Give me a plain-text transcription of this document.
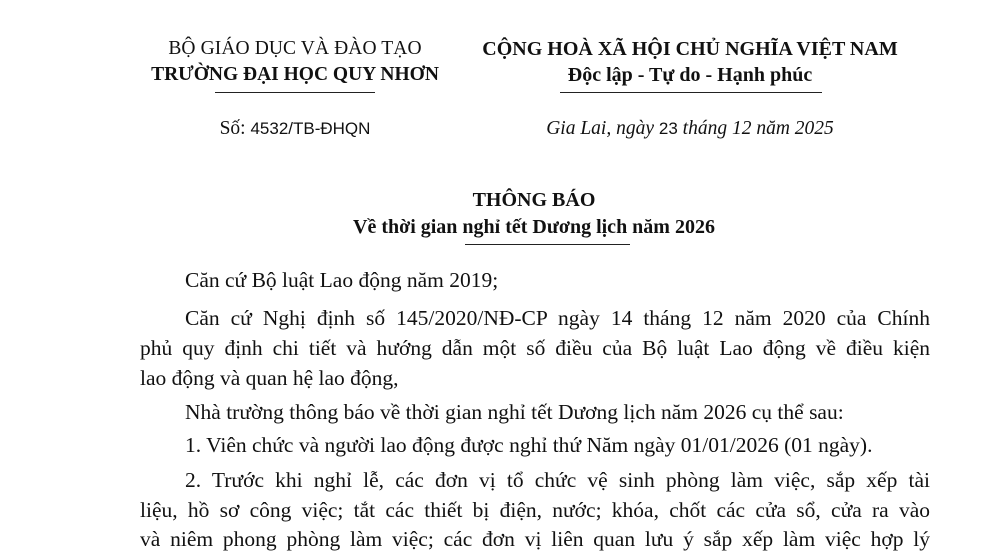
BỘ GIÁO DỤC VÀ ĐÀO TẠO
TRƯỜNG ĐẠI HỌC QUY NHƠN
CỘNG HOÀ XÃ HỘI CHỦ NGHĨA VIỆT NAM
Độc lập - Tự do - Hạnh phúc
Số: 4532/TB-ĐHQN	Gia Lai, ngày 23 tháng 12 năm 2025
THÔNG BÁO
Về thời gian nghỉ tết Dương lịch năm 2026
Căn cứ Bộ luật Lao động năm 2019;
Căn cứ Nghị định số 145/2020/NĐ-CP ngày 14 tháng 12 năm 2020 của Chính
phủ quy định chi tiết và hướng dẫn một số điều của Bộ luật Lao động về điều kiện
lao động và quan hệ lao động,
Nhà trường thông báo về thời gian nghỉ tết Dương lịch năm 2026 cụ thể sau:
1. Viên chức và người lao động được nghỉ thứ Năm ngày 01/01/2026 (01 ngày).
2. Trước khi nghỉ lễ, các đơn vị tổ chức vệ sinh phòng làm việc, sắp xếp tài
liệu, hồ sơ công việc; tắt các thiết bị điện, nước; khóa, chốt các cửa sổ, cửa ra vào
và niêm phong phòng làm việc; các đơn vị liên quan lưu ý sắp xếp làm việc hợp lý
